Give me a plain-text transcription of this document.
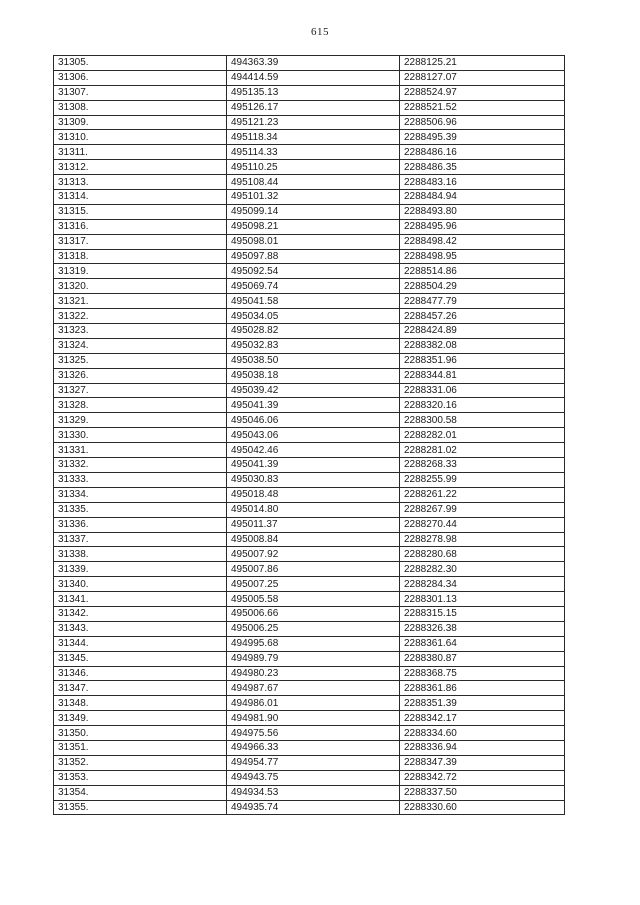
615
31305.	494363.39	2288125.21
31306.	494414.59	2288127.07
31307.	495135.13	2288524.97
31308.	495126.17	2288521.52
31309.	495121.23	2288506.96
31310.	495118.34	2288495.39
31311.	495114.33	2288486.16
31312.	495110.25	2288486.35
31313.	495108.44	2288483.16
31314.	495101.32	2288484.94
31315.	495099.14	2288493.80
31316.	495098.21	2288495.96
31317.	495098.01	2288498.42
31318.	495097.88	2288498.95
31319.	495092.54	2288514.86
31320.	495069.74	2288504.29
31321.	495041.58	2288477.79
31322.	495034.05	2288457.26
31323.	495028.82	2288424.89
31324.	495032.83	2288382.08
31325.	495038.50	2288351.96
31326.	495038.18	2288344.81
31327.	495039.42	2288331.06
31328.	495041.39	2288320.16
31329.	495046.06	2288300.58
31330.	495043.06	2288282.01
31331.	495042.46	2288281.02
31332.	495041.39	2288268.33
31333.	495030.83	2288255.99
31334.	495018.48	2288261.22
31335.	495014.80	2288267.99
31336.	495011.37	2288270.44
31337.	495008.84	2288278.98
31338.	495007.92	2288280.68
31339.	495007.86	2288282.30
31340.	495007.25	2288284.34
31341.	495005.58	2288301.13
31342.	495006.66	2288315.15
31343.	495006.25	2288326.38
31344.	494995.68	2288361.64
31345.	494989.79	2288380.87
31346.	494980.23	2288368.75
31347.	494987.67	2288361.86
31348.	494986.01	2288351.39
31349.	494981.90	2288342.17
31350.	494975.56	2288334.60
31351.	494966.33	2288336.94
31352.	494954.77	2288347.39
31353.	494943.75	2288342.72
31354.	494934.53	2288337.50
31355.	494935.74	2288330.60
